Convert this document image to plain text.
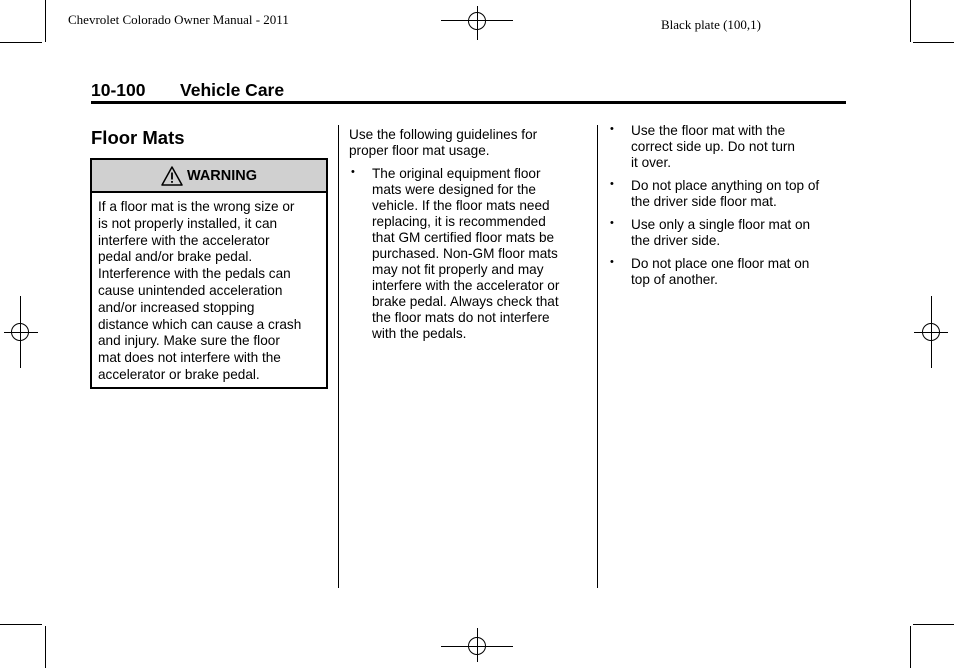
Chevrolet Colorado Owner Manual - 2011	Black plate (100,1)
10-100 Vehicle Care
Floor Mats
WARNING
If a floor mat is the wrong size or
is not properly installed, it can
interfere with the accelerator
pedal and/or brake pedal.
Interference with the pedals can
cause unintended acceleration
and/or increased stopping
distance which can cause a crash
and injury. Make sure the floor
mat does not interfere with the
accelerator or brake pedal.
Use the following guidelines for
proper floor mat usage.
• The original equipment floor
mats were designed for the
vehicle. If the floor mats need
replacing, it is recommended
that GM certified floor mats be
purchased. Non-GM floor mats
may not fit properly and may
interfere with the accelerator or
brake pedal. Always check that
the floor mats do not interfere
with the pedals.
• Use the floor mat with the
correct side up. Do not turn
it over.
• Do not place anything on top of
the driver side floor mat.
• Use only a single floor mat on
the driver side.
• Do not place one floor mat on
top of another.
